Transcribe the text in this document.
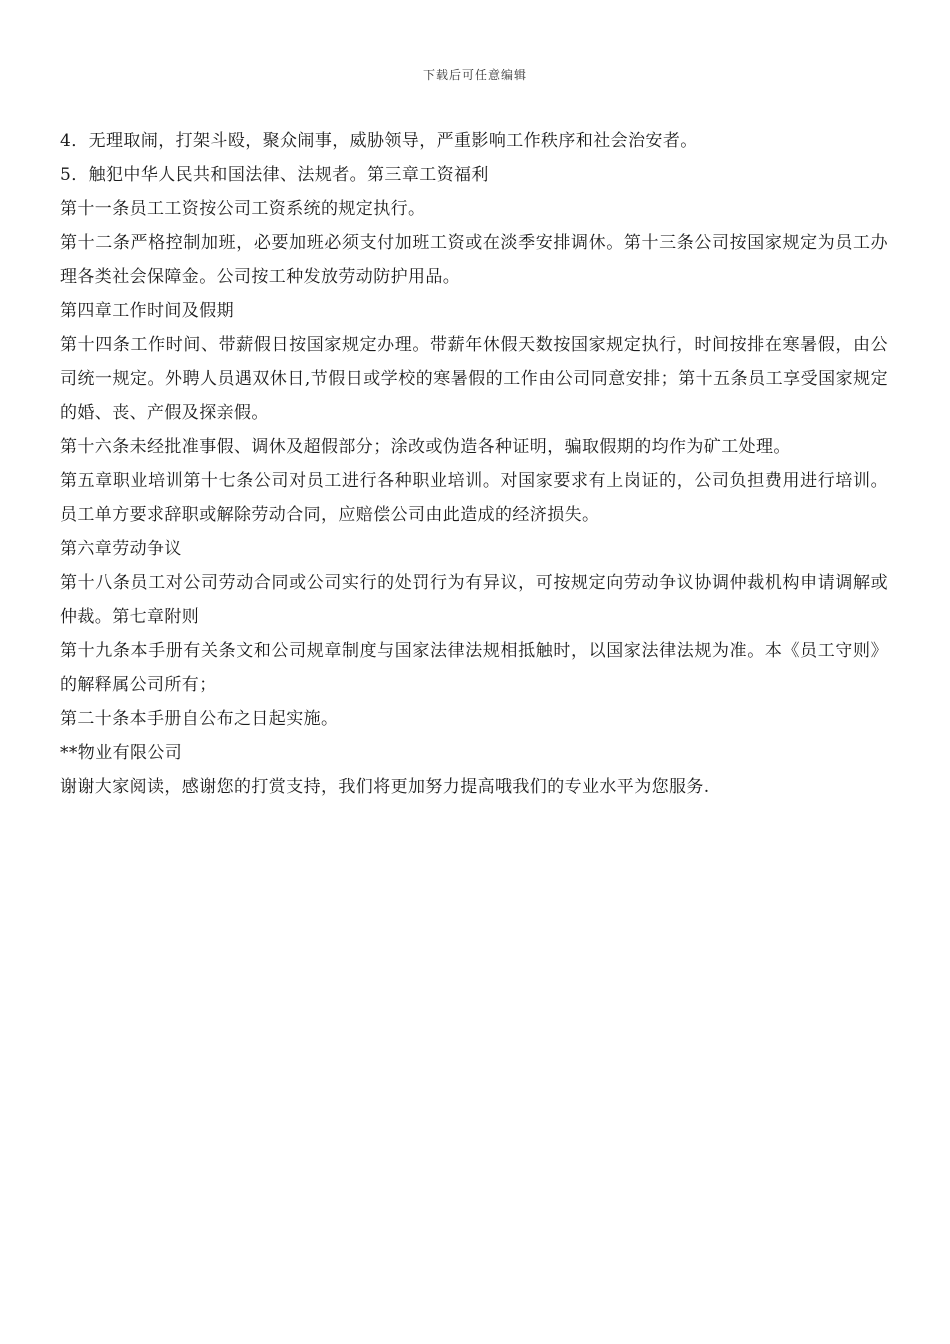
下载后可任意编辑

4．无理取闹，打架斗殴，聚众闹事，威胁领导，严重影响工作秩序和社会治安者。

5．触犯中华人民共和国法律、法规者。第三章工资福利

第十一条员工工资按公司工资系统的规定执行。

第十二条严格控制加班，必要加班必须支付加班工资或在淡季安排调休。第十三条公司按国家规定为员工办理各类社会保障金。公司按工种发放劳动防护用品。

第四章工作时间及假期

第十四条工作时间、带薪假日按国家规定办理。带薪年休假天数按国家规定执行，时间按排在寒暑假，由公司统一规定。外聘人员遇双休日,节假日或学校的寒暑假的工作由公司同意安排；第十五条员工享受国家规定的婚、丧、产假及探亲假。

第十六条未经批准事假、调休及超假部分；涂改或伪造各种证明，骗取假期的均作为矿工处理。

第五章职业培训第十七条公司对员工进行各种职业培训。对国家要求有上岗证的，公司负担费用进行培训。员工单方要求辞职或解除劳动合同，应赔偿公司由此造成的经济损失。

第六章劳动争议

第十八条员工对公司劳动合同或公司实行的处罚行为有异议，可按规定向劳动争议协调仲裁机构申请调解或仲裁。第七章附则

第十九条本手册有关条文和公司规章制度与国家法律法规相抵触时，以国家法律法规为准。本《员工守则》的解释属公司所有；

第二十条本手册自公布之日起实施。

**物业有限公司

谢谢大家阅读，感谢您的打赏支持，我们将更加努力提高哦我们的专业水平为您服务.
